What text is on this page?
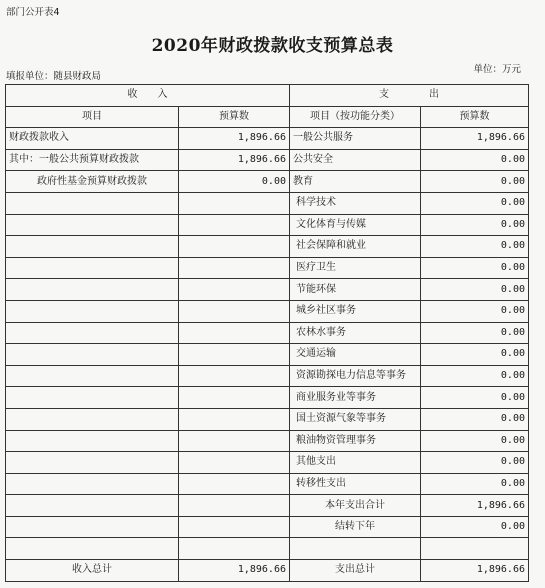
部门公开表4
2020年财政拨款收支预算总表
填报单位：随县财政局
单位：万元
收　　入		支　　　　出	
项目	预算数	项目（按功能分类）	预算数
财政拨款收入	1,896.66	一般公共服务	1,896.66
其中：一般公共预算财政拨款	1,896.66	公共安全	0.00
政府性基金预算财政拨款	0.00	教育	0.00
		科学技术	0.00
		文化体育与传媒	0.00
		社会保障和就业	0.00
		医疗卫生	0.00
		节能环保	0.00
		城乡社区事务	0.00
		农林水事务	0.00
		交通运输	0.00
		资源勘探电力信息等事务	0.00
		商业服务业等事务	0.00
		国土资源气象等事务	0.00
		粮油物资管理事务	0.00
		其他支出	0.00
		转移性支出	0.00
		本年支出合计	1,896.66
		结转下年	0.00

收入总计	1,896.66	支出总计	1,896.66
